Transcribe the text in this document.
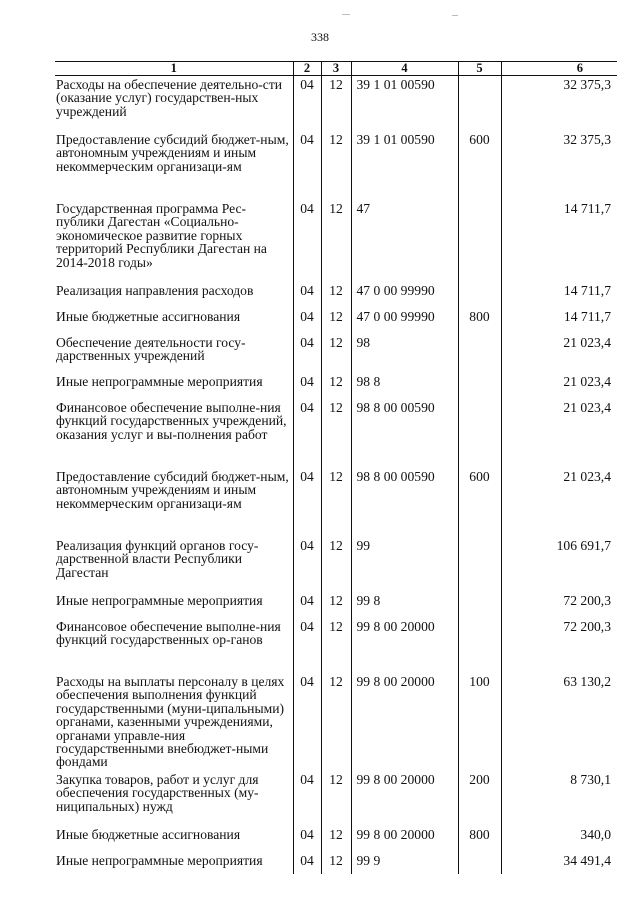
338
1	2	3	4	5	6
Расходы на обеспечение деятельно-сти (оказание услуг) государствен-ных учреждений	04	12	39 1 01 00590		32 375,3
Предоставление субсидий бюджет-ным, автономным учреждениям и иным некоммерческим организаци-ям	04	12	39 1 01 00590	600	32 375,3
Государственная программа Рес-публики Дагестан «Социально-экономическое развитие горных территорий Республики Дагестан на 2014-2018 годы»	04	12	47		14 711,7
Реализация направления расходов	04	12	47 0 00 99990		14 711,7
Иные бюджетные ассигнования	04	12	47 0 00 99990	800	14 711,7
Обеспечение деятельности госу-дарственных учреждений	04	12	98		21 023,4
Иные непрограммные мероприятия	04	12	98 8		21 023,4
Финансовое обеспечение выполне-ния функций государственных учреждений, оказания услуг и вы-полнения работ	04	12	98 8 00 00590		21 023,4
Предоставление субсидий бюджет-ным, автономным учреждениям и иным некоммерческим организаци-ям	04	12	98 8 00 00590	600	21 023,4
Реализация функций органов госу-дарственной власти Республики Дагестан	04	12	99		106 691,7
Иные непрограммные мероприятия	04	12	99 8		72 200,3
Финансовое обеспечение выполне-ния функций государственных ор-ганов	04	12	99 8 00 20000		72 200,3
Расходы на выплаты персоналу в целях обеспечения выполнения функций государственными (муни-ципальными) органами, казенными учреждениями, органами управле-ния государственными внебюджет-ными фондами	04	12	99 8 00 20000	100	63 130,2
Закупка товаров, работ и услуг для обеспечения государственных (му-ниципальных) нужд	04	12	99 8 00 20000	200	8 730,1
Иные бюджетные ассигнования	04	12	99 8 00 20000	800	340,0
Иные непрограммные мероприятия	04	12	99 9		34 491,4
